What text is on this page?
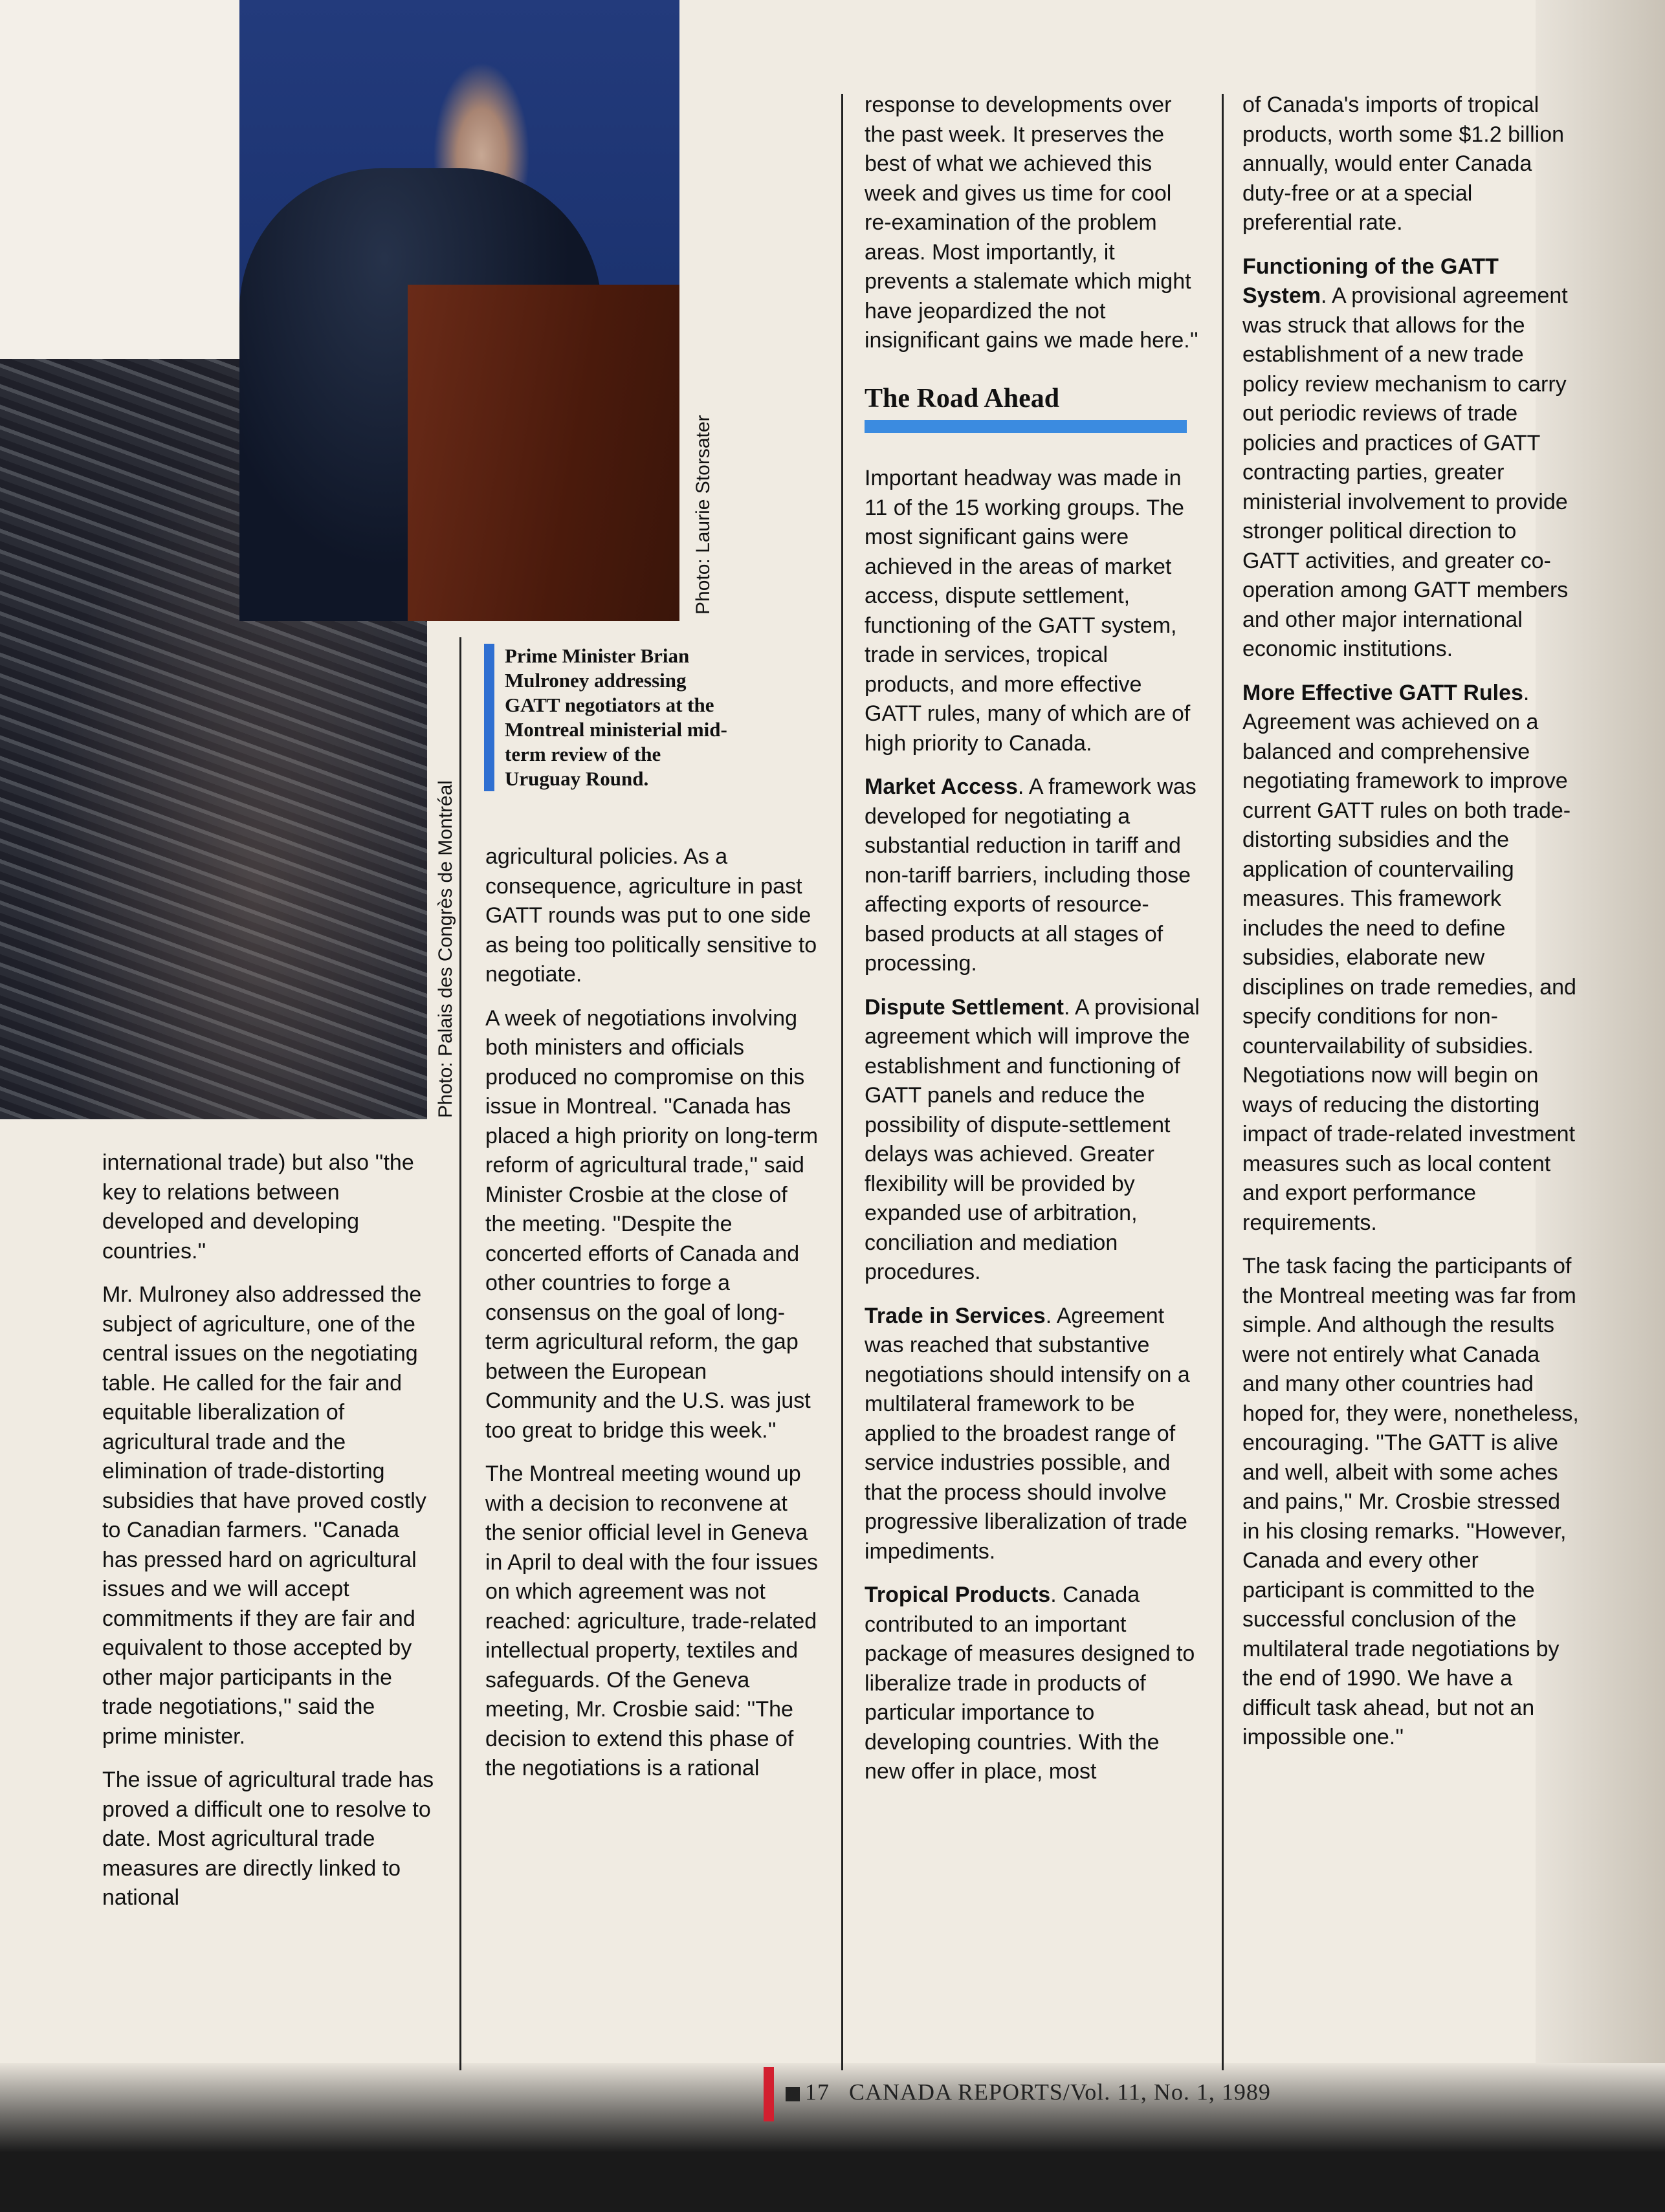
Photo: Laurie Storsater
Photo: Palais des Congrès de Montréal
Prime Minister Brian Mulroney addressing GATT negotiators at the Montreal ministerial mid-term review of the Uruguay Round.

international trade) but also ''the key to relations between developed and developing countries.''

Mr. Mulroney also addressed the subject of agriculture, one of the central issues on the negotiating table. He called for the fair and equitable liberalization of agricultural trade and the elimination of trade-distorting subsidies that have proved costly to Canadian farmers. ''Canada has pressed hard on agricultural issues and we will accept commitments if they are fair and equivalent to those accepted by other major participants in the trade negotiations,'' said the prime minister.

The issue of agricultural trade has proved a difficult one to resolve to date. Most agricultural trade measures are directly linked to national

agricultural policies. As a consequence, agriculture in past GATT rounds was put to one side as being too politically sensitive to negotiate.

A week of negotiations involving both ministers and officials produced no compromise on this issue in Montreal. ''Canada has placed a high priority on long-term reform of agricultural trade,'' said Minister Crosbie at the close of the meeting. ''Despite the concerted efforts of Canada and other countries to forge a consensus on the goal of long-term agricultural reform, the gap between the European Community and the U.S. was just too great to bridge this week.''

The Montreal meeting wound up with a decision to reconvene at the senior official level in Geneva in April to deal with the four issues on which agreement was not reached: agriculture, trade-related intellectual property, textiles and safeguards. Of the Geneva meeting, Mr. Crosbie said: ''The decision to extend this phase of the negotiations is a rational

response to developments over the past week. It preserves the best of what we achieved this week and gives us time for cool re-examination of the problem areas. Most importantly, it prevents a stalemate which might have jeopardized the not insignificant gains we made here.''

The Road Ahead

Important headway was made in 11 of the 15 working groups. The most significant gains were achieved in the areas of market access, dispute settlement, functioning of the GATT system, trade in services, tropical products, and more effective GATT rules, many of which are of high priority to Canada.

Market Access. A framework was developed for negotiating a substantial reduction in tariff and non-tariff barriers, including those affecting exports of resource-based products at all stages of processing.

Dispute Settlement. A provisional agreement which will improve the establishment and functioning of GATT panels and reduce the possibility of dispute-settlement delays was achieved. Greater flexibility will be provided by expanded use of arbitration, conciliation and mediation procedures.

Trade in Services. Agreement was reached that substantive negotiations should intensify on a multilateral framework to be applied to the broadest range of service industries possible, and that the process should involve progressive liberalization of trade impediments.

Tropical Products. Canada contributed to an important package of measures designed to liberalize trade in products of particular importance to developing countries. With the new offer in place, most

of Canada's imports of tropical products, worth some $1.2 billion annually, would enter Canada duty-free or at a special preferential rate.

Functioning of the GATT System. A provisional agreement was struck that allows for the establishment of a new trade policy review mechanism to carry out periodic reviews of trade policies and practices of GATT contracting parties, greater ministerial involvement to provide stronger political direction to GATT activities, and greater co-operation among GATT members and other major international economic institutions.

More Effective GATT Rules. Agreement was achieved on a balanced and comprehensive negotiating framework to improve current GATT rules on both trade-distorting subsidies and the application of countervailing measures. This framework includes the need to define subsidies, elaborate new disciplines on trade remedies, and specify conditions for non-countervailability of subsidies. Negotiations now will begin on ways of reducing the distorting impact of trade-related investment measures such as local content and export performance requirements.

The task facing the participants of the Montreal meeting was far from simple. And although the results were not entirely what Canada and many other countries had hoped for, they were, nonetheless, encouraging. ''The GATT is alive and well, albeit with some aches and pains,'' Mr. Crosbie stressed in his closing remarks. ''However, Canada and every other participant is committed to the successful conclusion of the multilateral trade negotiations by the end of 1990. We have a difficult task ahead, but not an impossible one.''

17 CANADA REPORTS/Vol. 11, No. 1, 1989
